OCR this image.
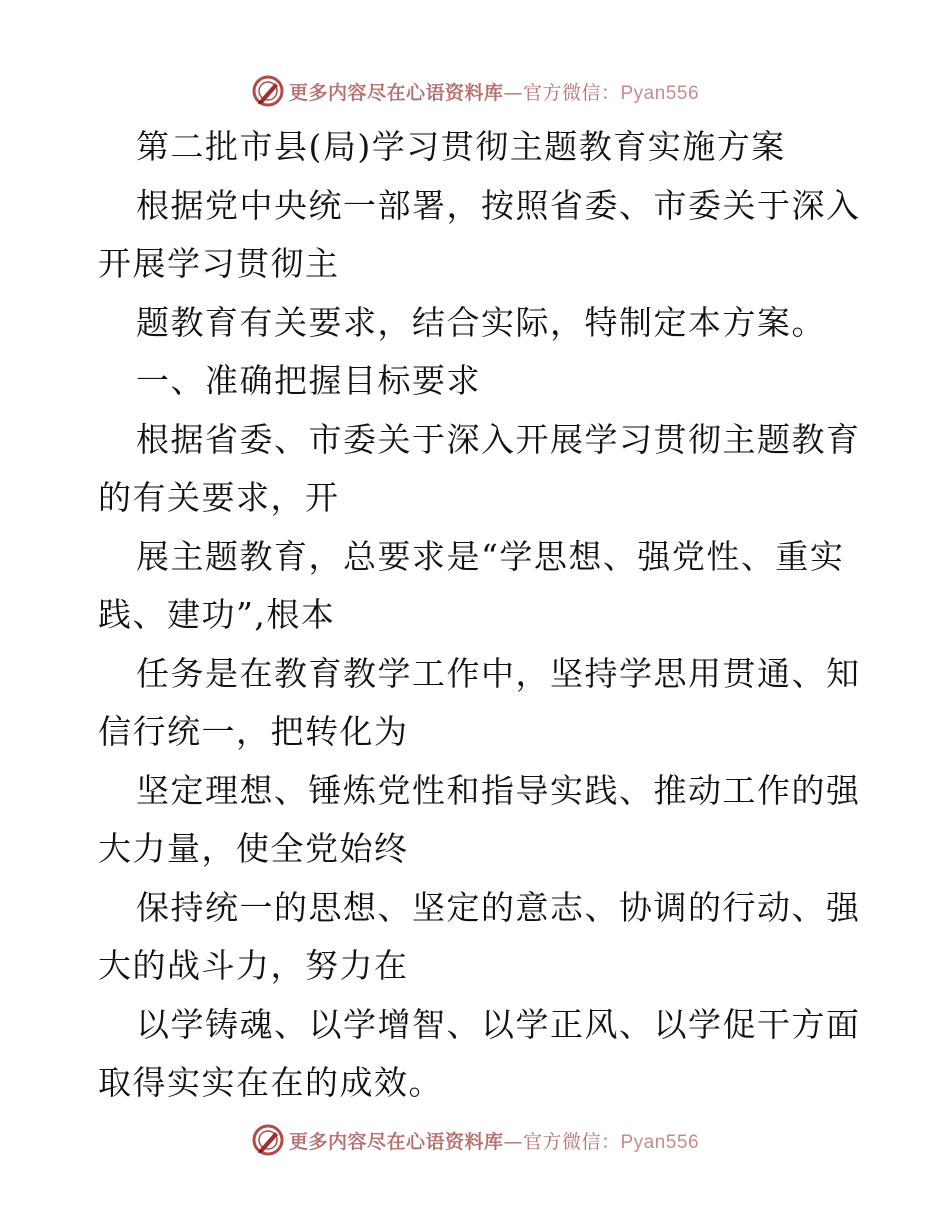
更多内容尽在心语资料库—官方微信：Pyan556
第二批市县(局)学习贯彻主题教育实施方案
根据党中央统一部署，按照省委、市委关于深入
开展学习贯彻主
题教育有关要求，结合实际，特制定本方案。
一、准确把握目标要求
根据省委、市委关于深入开展学习贯彻主题教育
的有关要求，开
展主题教育，总要求是“学思想、强党性、重实
践、建功”,根本
任务是在教育教学工作中，坚持学思用贯通、知
信行统一，把转化为
坚定理想、锤炼党性和指导实践、推动工作的强
大力量，使全党始终
保持统一的思想、坚定的意志、协调的行动、强
大的战斗力，努力在
以学铸魂、以学增智、以学正风、以学促干方面
取得实实在在的成效。
更多内容尽在心语资料库—官方微信：Pyan556
